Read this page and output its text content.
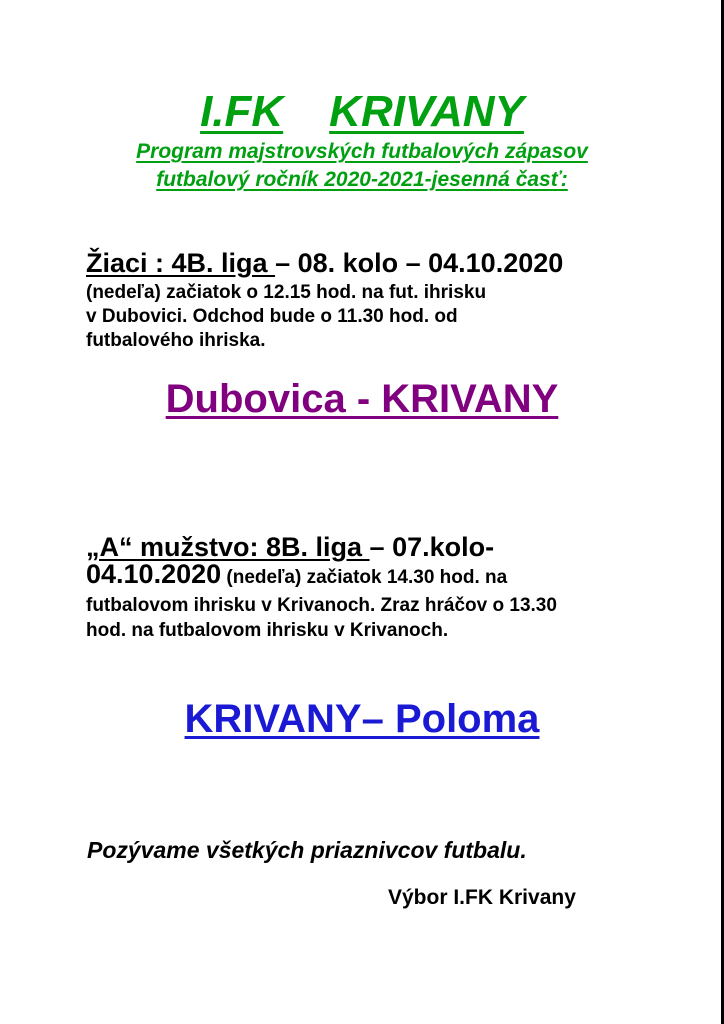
I.FK KRIVANY
Program majstrovských futbalových zápasov
futbalový ročník 2020-2021-jesenná časť:
Žiaci : 4B. liga – 08. kolo – 04.10.2020
(nedeľa) začiatok o 12.15 hod. na fut. ihrisku
v Dubovici. Odchod bude o 11.30 hod. od
futbalového ihriska.
Dubovica - KRIVANY
„A“ mužstvo: 8B. liga – 07.kolo-
04.10.2020 (nedeľa) začiatok 14.30 hod. na
futbalovom ihrisku v Krivanoch. Zraz hráčov o 13.30
hod. na futbalovom ihrisku v Krivanoch.
KRIVANY– Poloma
Pozývame všetkých priaznivcov futbalu.
Výbor I.FK Krivany
